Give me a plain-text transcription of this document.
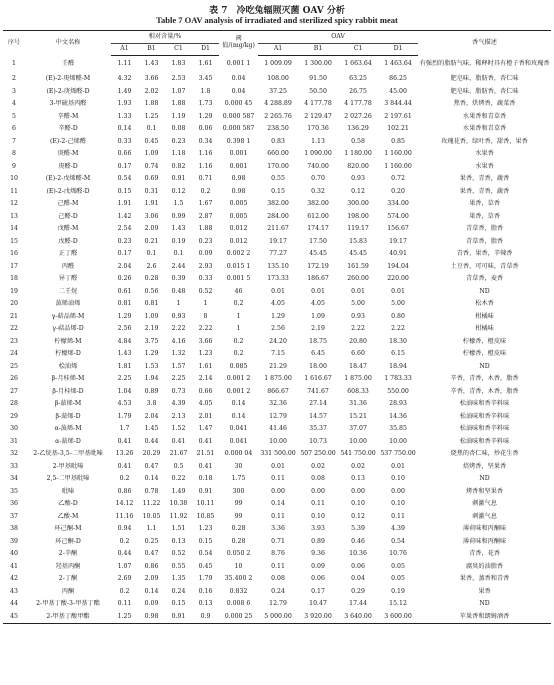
表 7　冷吃兔辐照灭菌 OAV 分析
Table 7 OAV analysis of irradiated and sterilized spicy rabbit meat
序号	中文名称	相对含量/%				阈值/(mg/kg)	OAV				香气描述
		A1	B1	C1	D1		A1	B1	C1	D1	
1	壬醛	1.11	1.43	1.83	1.61	0.001 1	1 009.09	1 300.00	1 663.64	1 463.64	有强烈的脂肪气味，稀释时具有橙子香和玫瑰香
2	(E)-2-庚烯醛-M	4.32	3.66	2.53	3.45	0.04	108.00	91.50	63.25	86.25	肥皂味，脂肪香，杏仁味
3	(E)-2-庚烯醛-D	1.49	2.02	1.07	1.8	0.04	37.25	50.50	26.75	45.00	肥皂味，脂肪香，杏仁味
4	3-甲硫基丙醛	1.93	1.88	1.88	1.73	0.000 45	4 288.89	4 177.78	4 177.78	3 844.44	焦香，烘烤香，蔬菜香
5	辛醛-M	1.33	1.25	1.19	1.29	0.000 587	2 265.76	2 129.47	2 027.26	2 197.61	水果香和青草香
6	辛醛-D	0.14	0.1	0.08	0.06	0.000 587	238.50	170.36	136.29	102.21	水果香和青草香
7	(E)-2-己烯醛	0.33	0.45	0.23	0.34	0.398 1	0.83	1.13	0.58	0.85	玫瑰花香，绿叶香，甜香，果香
8	庚醛-M	0.66	1.09	1.18	1.16	0.001	660.00	1 090.00	1 180.00	1 160.00	水果香
9	庚醛-D	0.17	0.74	0.82	1.16	0.001	170.00	740.00	820.00	1 160.00	水果香
10	(E)-2-戊烯醛-M	0.54	0.69	0.91	0.71	0.98	0.55	0.70	0.93	0.72	果香，青香，蔬香
11	(E)-2-戊烯醛-D	0.15	0.31	0.12	0.2	0.98	0.15	0.32	0.12	0.20	果香，青香，蔬香
12	己醛-M	1.91	1.91	1.5	1.67	0.005	382.00	382.00	300.00	334.00	果香，草香
13	己醛-D	1.42	3.06	0.99	2.87	0.005	284.00	612.00	198.00	574.00	果香，草香
14	戊醛-M	2.54	2.09	1.43	1.88	0.012	211.67	174.17	119.17	156.67	青草香，脂香
15	戊醛-D	0.23	0.21	0.19	0.23	0.012	19.17	17.50	15.83	19.17	青草香，脂香
16	正丁醛	0.17	0.1	0.1	0.09	0.002 2	77.27	45.45	45.45	40.91	青香，果香，辛辣香
17	丙醛	2.04	2.6	2.44	2.93	0.015 1	135.10	172.19	161.59	194.04	土豆香，可可味，青草香
18	异丁醛	0.26	0.28	0.39	0.33	0.001 5	173.33	186.67	260.00	220.00	青草香，麦香
19	二壬烷	0.61	0.56	0.48	0.52	46	0.01	0.01	0.01	0.01	ND
20	蒎烯油烯	0.81	0.81	1	1	0.2	4.05	4.05	5.00	5.00	松木香
21	γ-萜品烯-M	1.29	1.09	0.93	8	1	1.29	1.09	0.93	0.80	柑橘味
22	γ-萜品烯-D	2.56	2.19	2.22	2.22	1	2.56	2.19	2.22	2.22	柑橘味
23	柠檬烯-M	4.84	3.75	4.16	3.66	0.2	24.20	18.75	20.80	18.30	柠檬香，橙皮味
24	柠檬烯-D	1.43	1.29	1.32	1.23	0.2	7.15	6.45	6.60	6.15	柠檬香，橙皮味
25	桧油烯	1.81	1.53	1.57	1.61	0.085	21.29	18.00	18.47	18.94	ND
26	β-月桂烯-M	2.25	1.94	2.25	2.14	0.001 2	1 875.00	1 616.67	1 875.00	1 783.33	辛香，青香，木香，脂香
27	β-月桂烯-D	1.04	0.89	0.73	0.66	0.001 2	866.67	741.67	608.33	550.00	辛香，青香，木香，脂香
28	β-蒎烯-M	4.53	3.8	4.39	4.05	0.14	32.36	27.14	31.36	28.93	松油味和香辛料味
29	β-蒎烯-D	1.79	2.04	2.13	2.01	0.14	12.79	14.57	15.21	14.36	松油味和香辛料味
30	α-蒎烯-M	1.7	1.45	1.52	1.47	0.041	41.46	35.37	37.07	35.85	松油味和香辛料味
31	α-蒎烯-D	0.41	0.44	0.41	0.41	0.041	10.00	10.73	10.00	10.00	松油味和香辛料味
32	2-乙烷基-3,5-二甲基吡嗪	13.26	20.29	21.67	21.51	0.000 04	331 500.00	507 250.00	541 750.00	537 750.00	烧焦的杏仁味，炒花生香
33	2-甲基吡嗪	0.41	0.47	0.5	0.41	30	0.01	0.02	0.02	0.01	焙烤香，坚果香
34	2,5-二甲基吡嗪	0.2	0.14	0.22	0.18	1.75	0.11	0.08	0.13	0.10	ND
35	吡嗪	0.86	0.78	1.49	0.91	300	0.00	0.00	0.00	0.00	烤香和坚果香
36	乙酸-D	14.12	11.22	10.38	10.11	99	0.14	0.11	0.10	0.10	刺激气息
37	乙酸-M	11.16	10.05	11.92	10.85	99	0.11	0.10	0.12	0.11	刺激气息
38	环己酮-M	0.94	1.1	1.51	1.23	0.28	3.36	3.93	5.39	4.39	薄荷味和丙酮味
39	环己酮-D	0.2	0.25	0.13	0.15	0.28	0.71	0.89	0.46	0.54	薄荷味和丙酮味
40	2-辛酮	0.44	0.47	0.52	0.54	0.050 2	8.76	9.36	10.36	10.76	青香，花香
41	羟基丙酮	1.07	0.86	0.55	0.45	10	0.11	0.09	0.06	0.05	腐臭的油脂香
42	2-丁酮	2.69	2.09	1.35	1.79	35.400 2	0.08	0.06	0.04	0.05	果香，蒸香和青香
43	丙酮	0.2	0.14	0.24	0.16	0.832	0.24	0.17	0.29	0.19	果香
44	2-甲基丁酸-3-甲基丁酯	0.11	0.09	0.15	0.13	0.008 6	12.79	10.47	17.44	15.12	ND
45	2-甲基丁酸甲酯	1.25	0.98	0.91	0.9	0.000 25	5 000.00	3 920.00	3 640.00	3 600.00	苹果香和朗姆酒香
